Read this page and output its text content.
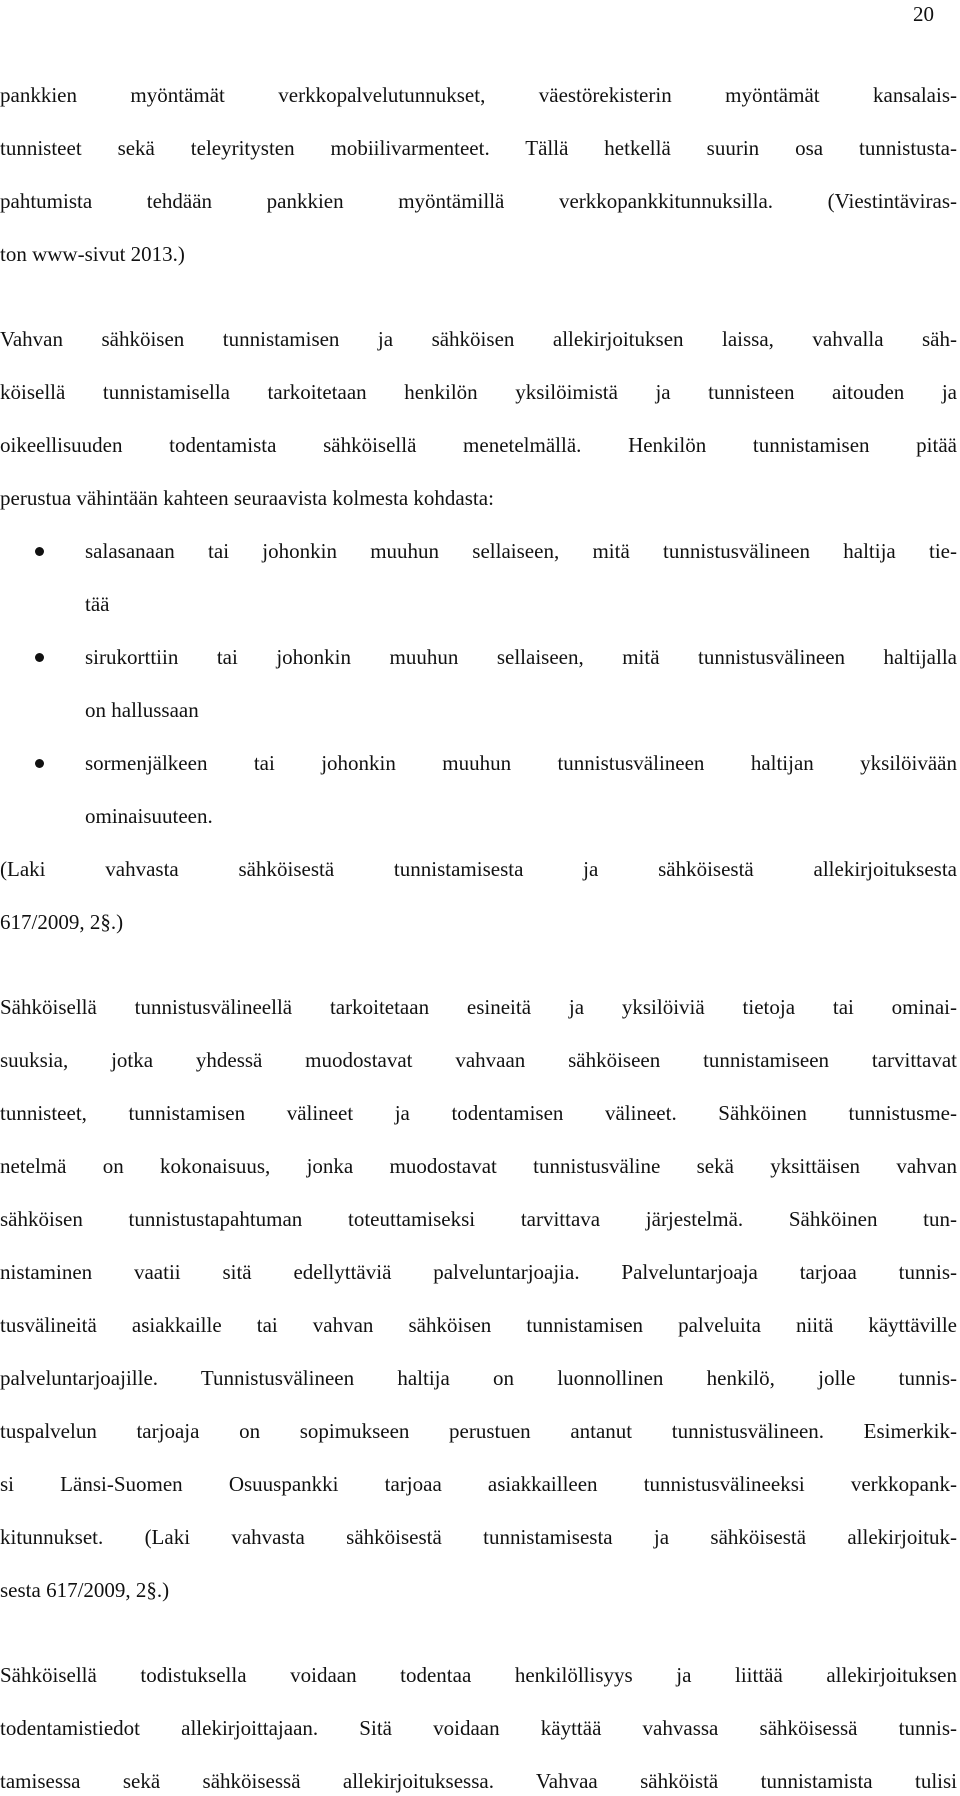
20
pankkien myöntämät verkkopalvelutunnukset, väestörekisterin myöntämät kansalais-
tunnisteet sekä teleyritysten mobiilivarmenteet. Tällä hetkellä suurin osa tunnistusta-
pahtumista tehdään pankkien myöntämillä verkkopankkitunnuksilla. (Viestintäviras-
ton www-sivut 2013.)
Vahvan sähköisen tunnistamisen ja sähköisen allekirjoituksen laissa, vahvalla säh-
köisellä tunnistamisella tarkoitetaan henkilön yksilöimistä ja tunnisteen aitouden ja
oikeellisuuden todentamista sähköisellä menetelmällä. Henkilön tunnistamisen pitää
perustua vähintään kahteen seuraavista kolmesta kohdasta:
salasanaan tai johonkin muuhun sellaiseen, mitä tunnistusvälineen haltija tie-
tää
sirukorttiin tai johonkin muuhun sellaiseen, mitä tunnistusvälineen haltijalla
on hallussaan
sormenjälkeen tai johonkin muuhun tunnistusvälineen haltijan yksilöivään
ominaisuuteen.
(Laki vahvasta sähköisestä tunnistamisesta ja sähköisestä allekirjoituksesta
617/2009, 2§.)
Sähköisellä tunnistusvälineellä tarkoitetaan esineitä ja yksilöiviä tietoja tai ominai-
suuksia, jotka yhdessä muodostavat vahvaan sähköiseen tunnistamiseen tarvittavat
tunnisteet, tunnistamisen välineet ja todentamisen välineet. Sähköinen tunnistusme-
netelmä on kokonaisuus, jonka muodostavat tunnistusväline sekä yksittäisen vahvan
sähköisen tunnistustapahtuman toteuttamiseksi tarvittava järjestelmä. Sähköinen tun-
nistaminen vaatii sitä edellyttäviä palveluntarjoajia. Palveluntarjoaja tarjoaa tunnis-
tusvälineitä asiakkaille tai vahvan sähköisen tunnistamisen palveluita niitä käyttäville
palveluntarjoajille. Tunnistusvälineen haltija on luonnollinen henkilö, jolle tunnis-
tuspalvelun tarjoaja on sopimukseen perustuen antanut tunnistusvälineen. Esimerkik-
si Länsi-Suomen Osuuspankki tarjoaa asiakkailleen tunnistusvälineeksi verkkopank-
kitunnukset. (Laki vahvasta sähköisestä tunnistamisesta ja sähköisestä allekirjoituk-
sesta 617/2009, 2§.)
Sähköisellä todistuksella voidaan todentaa henkilöllisyys ja liittää allekirjoituksen
todentamistiedot allekirjoittajaan. Sitä voidaan käyttää vahvassa sähköisessä tunnis-
tamisessa sekä sähköisessä allekirjoituksessa. Vahvaa sähköistä tunnistamista tulisi
